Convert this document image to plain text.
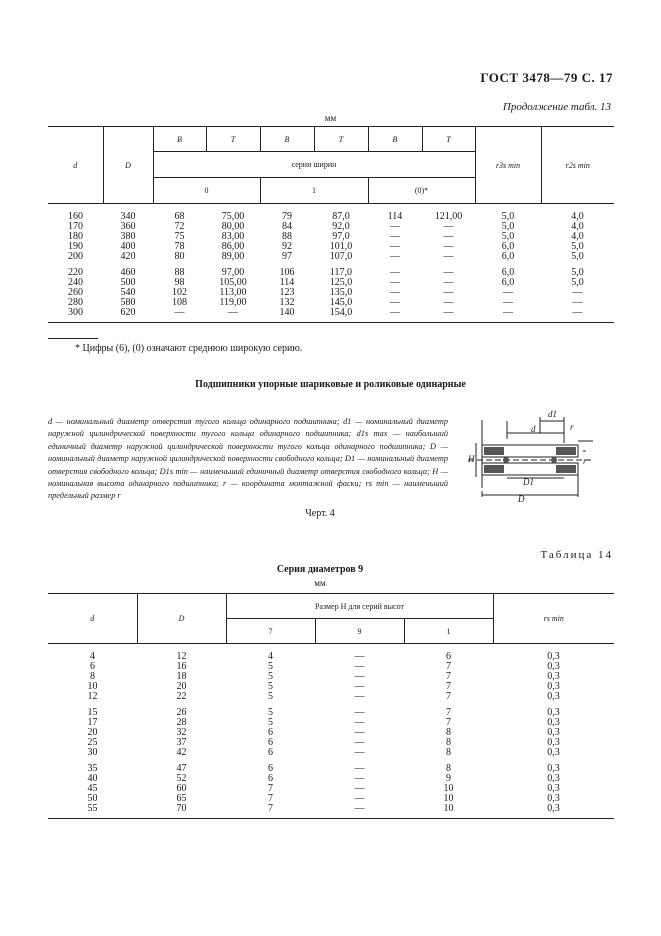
ГОСТ 3478—79 С. 17
Продолжение табл. 13
мм
d	D	B	T	B	T	B	T	r3s min	r2s min
		серии ширин							
		0		1		(0)*			
160	340	68	75,00	79	87,0	114	121,00	5,0	4,0
170	360	72	80,00	84	92,0	—	—	5,0	4,0
180	380	75	83,00	88	97,0	—	—	5,0	4,0
190	400	78	86,00	92	101,0	—	—	6,0	5,0
200	420	80	89,00	97	107,0	—	—	6,0	5,0
220	460	88	97,00	106	117,0	—	—	6,0	5,0
240	500	98	105,00	114	125,0	—	—	6,0	5,0
260	540	102	113,00	123	135,0	—	—	—	—
280	580	108	119,00	132	145,0	—	—	—	—
300	620	—	—	140	154,0	—	—	—	—
* Цифры (6), (0) означают среднюю широкую серию.
Подшипники упорные шариковые и роликовые одинарные
d — номинальный диаметр отверстия тугого кольца одинарного подшипника; d1 — номинальный диаметр наружной цилиндрической поверхности тугого кольца одинарного подшипника; d1s max — наибольший единичный диаметр наружной цилиндрической поверхности тугого кольца одинарного подшипника; D — номинальный диаметр наружной цилиндрической поверхности свободного кольца; D1 — номинальный диаметр отверстия свободного кольца; D1s min — наименьший единичный диаметр отверстия свободного кольца; H — номинальная высота одинарного подшипника; r — координата монтажной фаски; rs min — наименьший предельный размер r
d1
d	r
H	r
D1
D
Черт. 4
Таблица 14
Серия диаметров 9
мм
d	D	Размер H для серий высот			rs min
		7	9	1	
4	12	4	—	6	0,3
6	16	5	—	7	0,3
8	18	5	—	7	0,3
10	20	5	—	7	0,3
12	22	5	—	7	0,3
15	26	5	—	7	0,3
17	28	5	—	7	0,3
20	32	6	—	8	0,3
25	37	6	—	8	0,3
30	42	6	—	8	0,3
35	47	6	—	8	0,3
40	52	6	—	9	0,3
45	60	7	—	10	0,3
50	65	7	—	10	0,3
55	70	7	—	10	0,3
